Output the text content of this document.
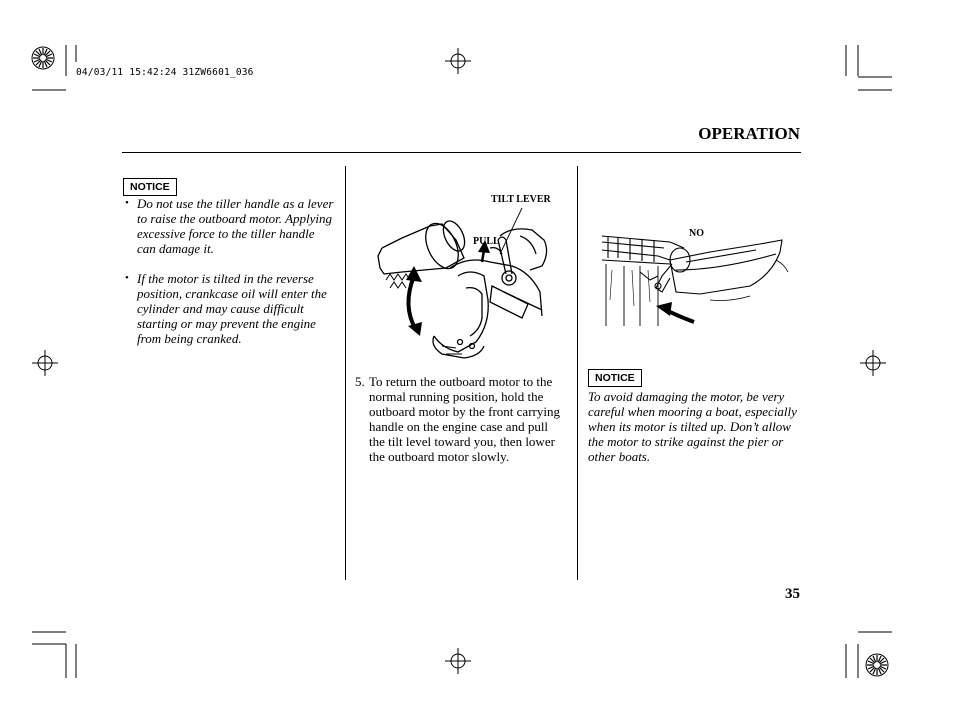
04/03/11 15:42:24 31ZW6601_036
OPERATION
NOTICE
• Do not use the tiller handle as a lever to raise the outboard motor. Applying excessive force to the tiller handle can damage it.
• If the motor is tilted in the reverse position, crankcase oil will enter the cylinder and may cause difficult starting or may prevent the engine from being cranked.
TILT LEVER
PULL
5. To return the outboard motor to the normal running position, hold the outboard motor by the front carrying handle on the engine case and pull the tilt level toward you, then lower the outboard motor slowly.
NO
NOTICE
To avoid damaging the motor, be very careful when mooring a boat, especially when its motor is tilted up. Don’t allow the motor to strike against the pier or other boats.
35
